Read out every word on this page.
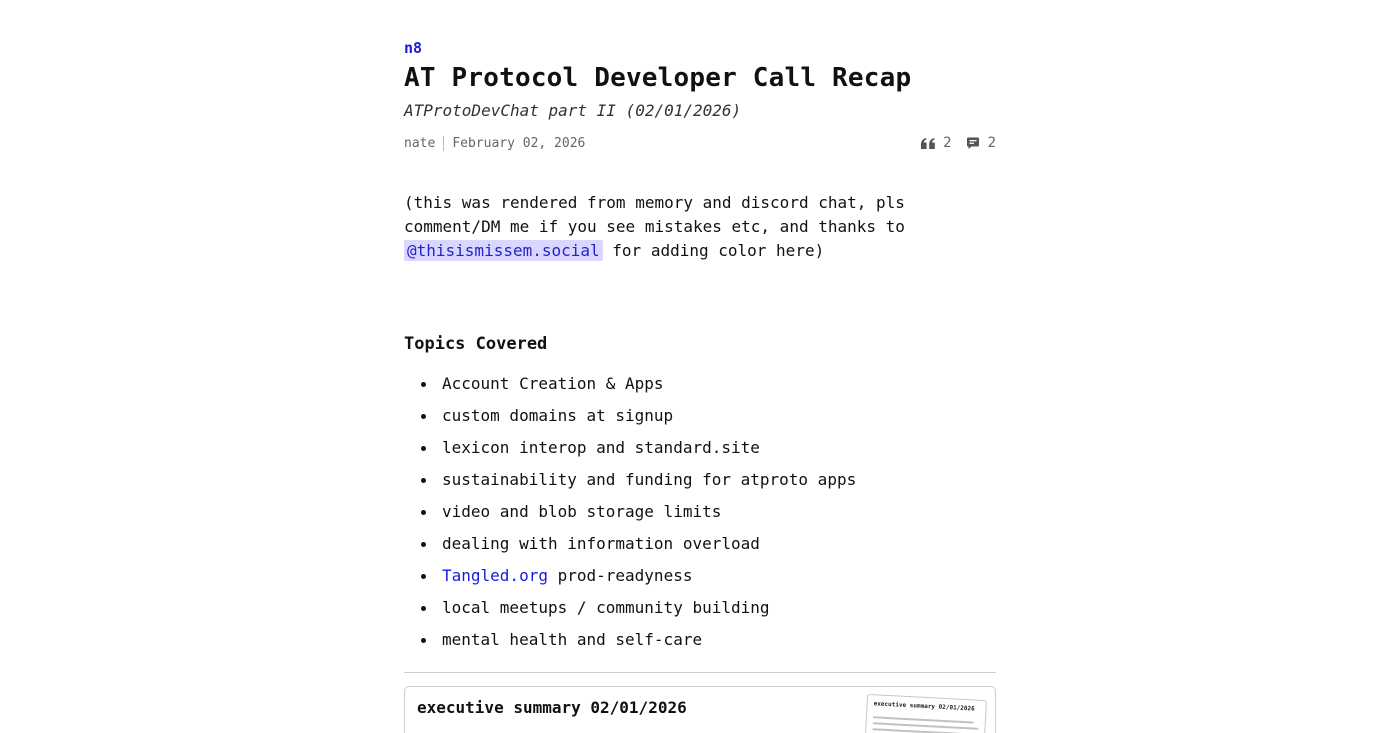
n8
AT Protocol Developer Call Recap
ATProtoDevChat part II (02/01/2026)
nate February 02, 2026	2	2

(this was rendered from memory and discord chat, pls comment/DM me if you see mistakes etc, and thanks to @thisismissem.social for adding color here)

Topics Covered
Account Creation & Apps
custom domains at signup
lexicon interop and standard.site
sustainability and funding for atproto apps
video and blob storage limits
dealing with information overload
Tangled.org prod-readyness
local meetups / community building
mental health and self-care
executive summary 02/01/2026	executive summary 02/01/2026
